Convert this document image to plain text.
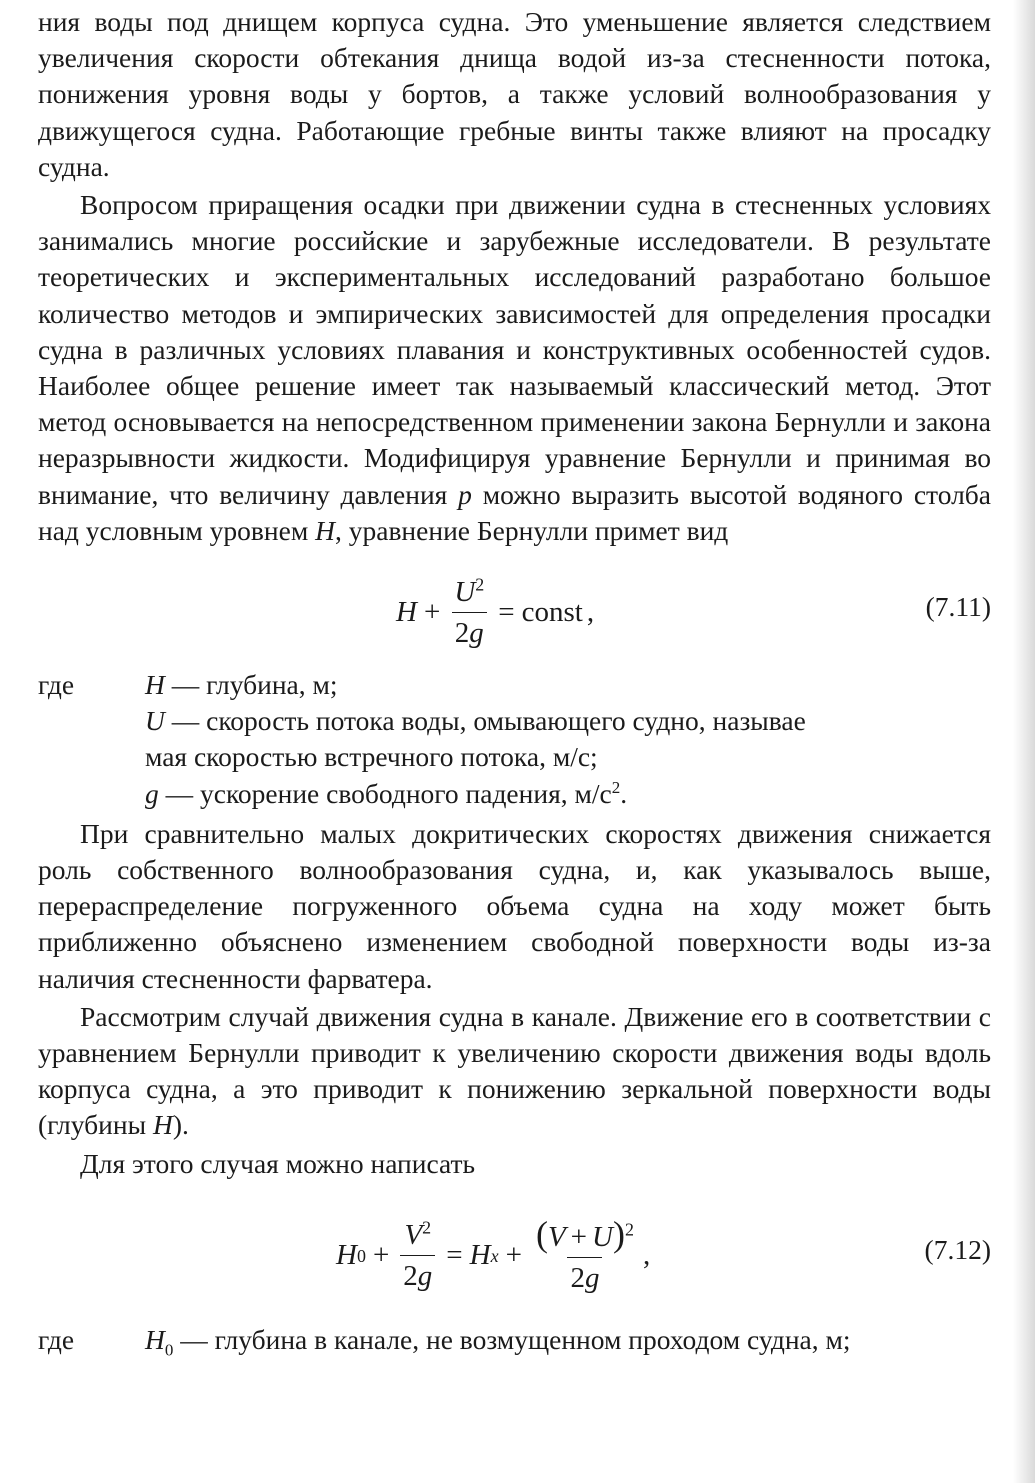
ния воды под днищем корпуса судна. Это уменьшение является следствием увеличения скорости обтекания днища водой из-за стесненности потока, понижения уровня воды у бортов, а также условий волнообразования у движущегося судна. Работающие гребные винты также влияют на просадку судна.

Вопросом приращения осадки при движении судна в стесненных условиях занимались многие российские и зарубежные исследователи. В результате теоретических и экспериментальных исследований разработано большое количество методов и эмпирических зависимостей для определения просадки судна в различных условиях плавания и конструктивных особенностей судов. Наиболее общее решение имеет так называемый классический метод. Этот метод основывается на непосредственном применении закона Бернулли и закона неразрывности жидкости. Модифицируя уравнение Бернулли и принимая во внимание, что величину давления p можно выразить высотой водяного столба над условным уровнем H, уравнение Бернулли примет вид

$H + \frac{U^2}{2g}$ = const ,	(7.11)
где	H — глубина, м;
U — скорость потока воды, омывающего судно, называе
мая скоростью встречного потока, м/с;
g — ускорение свободного падения, $м/с^2$.

При сравнительно малых докритических скоростях движения снижается роль собственного волнообразования судна, и, как указывалось выше, перераспределение погруженного объема судна на ходу может быть приближенно объяснено изменением свободной поверхности воды из-за наличия стесненности фарватера.

Рассмотрим случай движения судна в канале. Движение его в соответствии с уравнением Бернулли приводит к увеличению скорости движения воды вдоль корпуса судна, а это приводит к понижению зеркальной поверхности воды (глубины H).

Для этого случая можно написать

H $0 + \frac{V^2}{2g} = H$ $x + \frac{(V + U)^2}{2g}$ ,	(7.12)
где	$H_0$ — глубина в канале, не возмущенном проходом судна, м;
